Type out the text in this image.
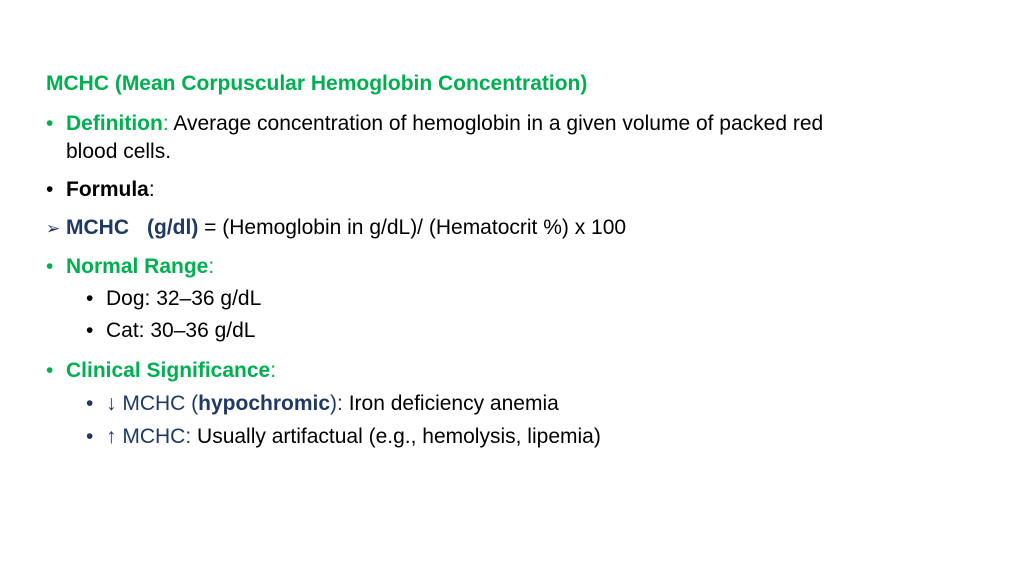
MCHC (Mean Corpuscular Hemoglobin Concentration)
• Definition: Average concentration of hemoglobin in a given volume of packed red
blood cells.
• Formula:
➢ MCHC (g/dl) = (Hemoglobin in g/dL)/ (Hematocrit %) x 100
• Normal Range:
• Dog: 32–36 g/dL
• Cat: 30–36 g/dL
• Clinical Significance:
• ↓ MCHC (hypochromic): Iron deficiency anemia
• ↑ MCHC: Usually artifactual (e.g., hemolysis, lipemia)
